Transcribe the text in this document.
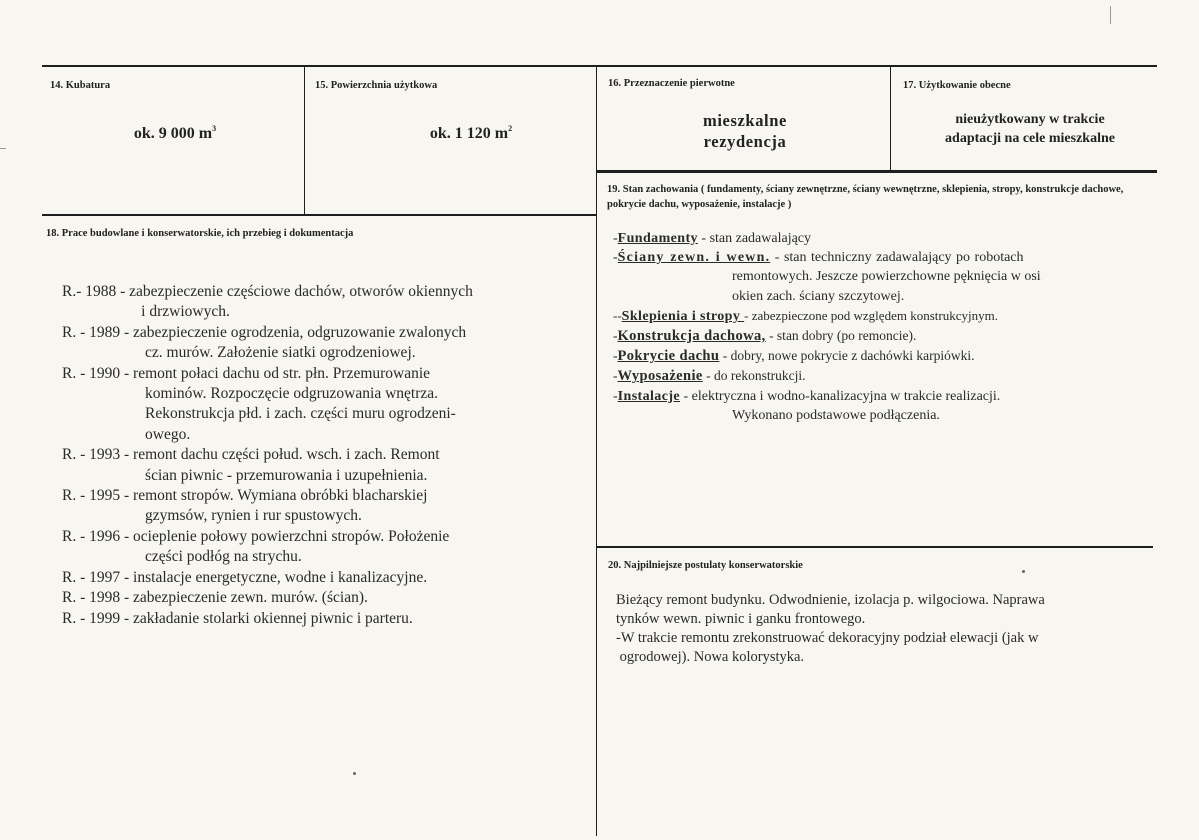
14. Kubatura
ok. 9 000 $m^3$
15. Powierzchnia użytkowa
ok. 1 120 $m^2$
16. Przeznaczenie pierwotne
mieszkalne
rezydencja
17. Użytkowanie obecne
nieużytkowany w trakcie
adaptacji na cele mieszkalne
19. Stan zachowania ( fundamenty, ściany zewnętrzne, ściany wewnętrzne, sklepienia, stropy, konstrukcje dachowe, pokrycie dachu, wyposażenie, instalacje )
18. Prace budowlane i konserwatorskie, ich przebieg i dokumentacja
R.- 1988 - zabezpieczenie częściowe dachów, otworów okiennych
i drzwiowych.
R. - 1989 - zabezpieczenie ogrodzenia, odgruzowanie zwalonych
cz. murów. Założenie siatki ogrodzeniowej.
R. - 1990 - remont połaci dachu od str. płn. Przemurowanie
kominów. Rozpoczęcie odgruzowania wnętrza.
Rekonstrukcja płd. i zach. części muru ogrodzeni-
owego.
R. - 1993 - remont dachu części połud. wsch. i zach. Remont
ścian piwnic - przemurowania i uzupełnienia.
R. - 1995 - remont stropów. Wymiana obróbki blacharskiej
gzymsów, rynien i rur spustowych.
R. - 1996 - ocieplenie połowy powierzchni stropów. Położenie
części podłóg na strychu.
R. - 1997 - instalacje energetyczne, wodne i kanalizacyjne.
R. - 1998 - zabezpieczenie zewn. murów. (ścian).
R. - 1999 - zakładanie stolarki okiennej piwnic i parteru.
-Fundamenty - stan zadawalający
-Ściany zewn. i wewn. - stan techniczny zadawalający po robotach
remontowych. Jeszcze powierzchowne pęknięcia w osi
okien zach. ściany szczytowej.
--Sklepienia i stropy - zabezpieczone pod względem konstrukcyjnym.
-Konstrukcja dachowa, - stan dobry (po remoncie).
-Pokrycie dachu - dobry, nowe pokrycie z dachówki karpiówki.
-Wyposażenie - do rekonstrukcji.
-Instalacje - elektryczna i wodno-kanalizacyjna w trakcie realizacji.
Wykonano podstawowe podłączenia.
20. Najpilniejsze postulaty konserwatorskie
Bieżący remont budynku. Odwodnienie, izolacja p. wilgociowa. Naprawa
tynków wewn. piwnic i ganku frontowego.
-W trakcie remontu zrekonstruować dekoracyjny podział elewacji (jak w
ogrodowej). Nowa kolorystyka.
